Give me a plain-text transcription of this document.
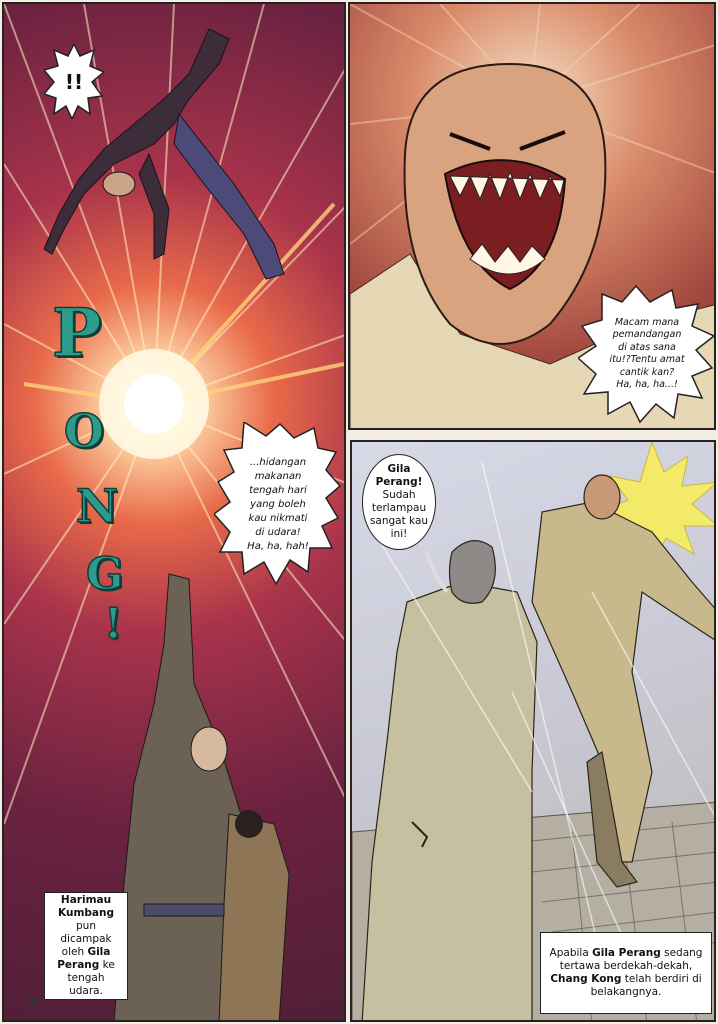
!!
P
O
N
G
!
...hidangan
makanan
tengah hari
yang boleh
kau nikmati
di udara!
Ha, ha, hah!
Harimau Kumbang pun dicampak oleh Gila Perang ke tengah udara.
Macam mana
pemandangan
di atas sana
itu!?Tentu amat
cantik kan?
Ha, ha, ha...!
Gila Perang!
Sudah terlampau sangat kau ini!
Apabila Gila Perang sedang tertawa berdekah-dekah, Chang Kong telah berdiri di belakangnya.
18
